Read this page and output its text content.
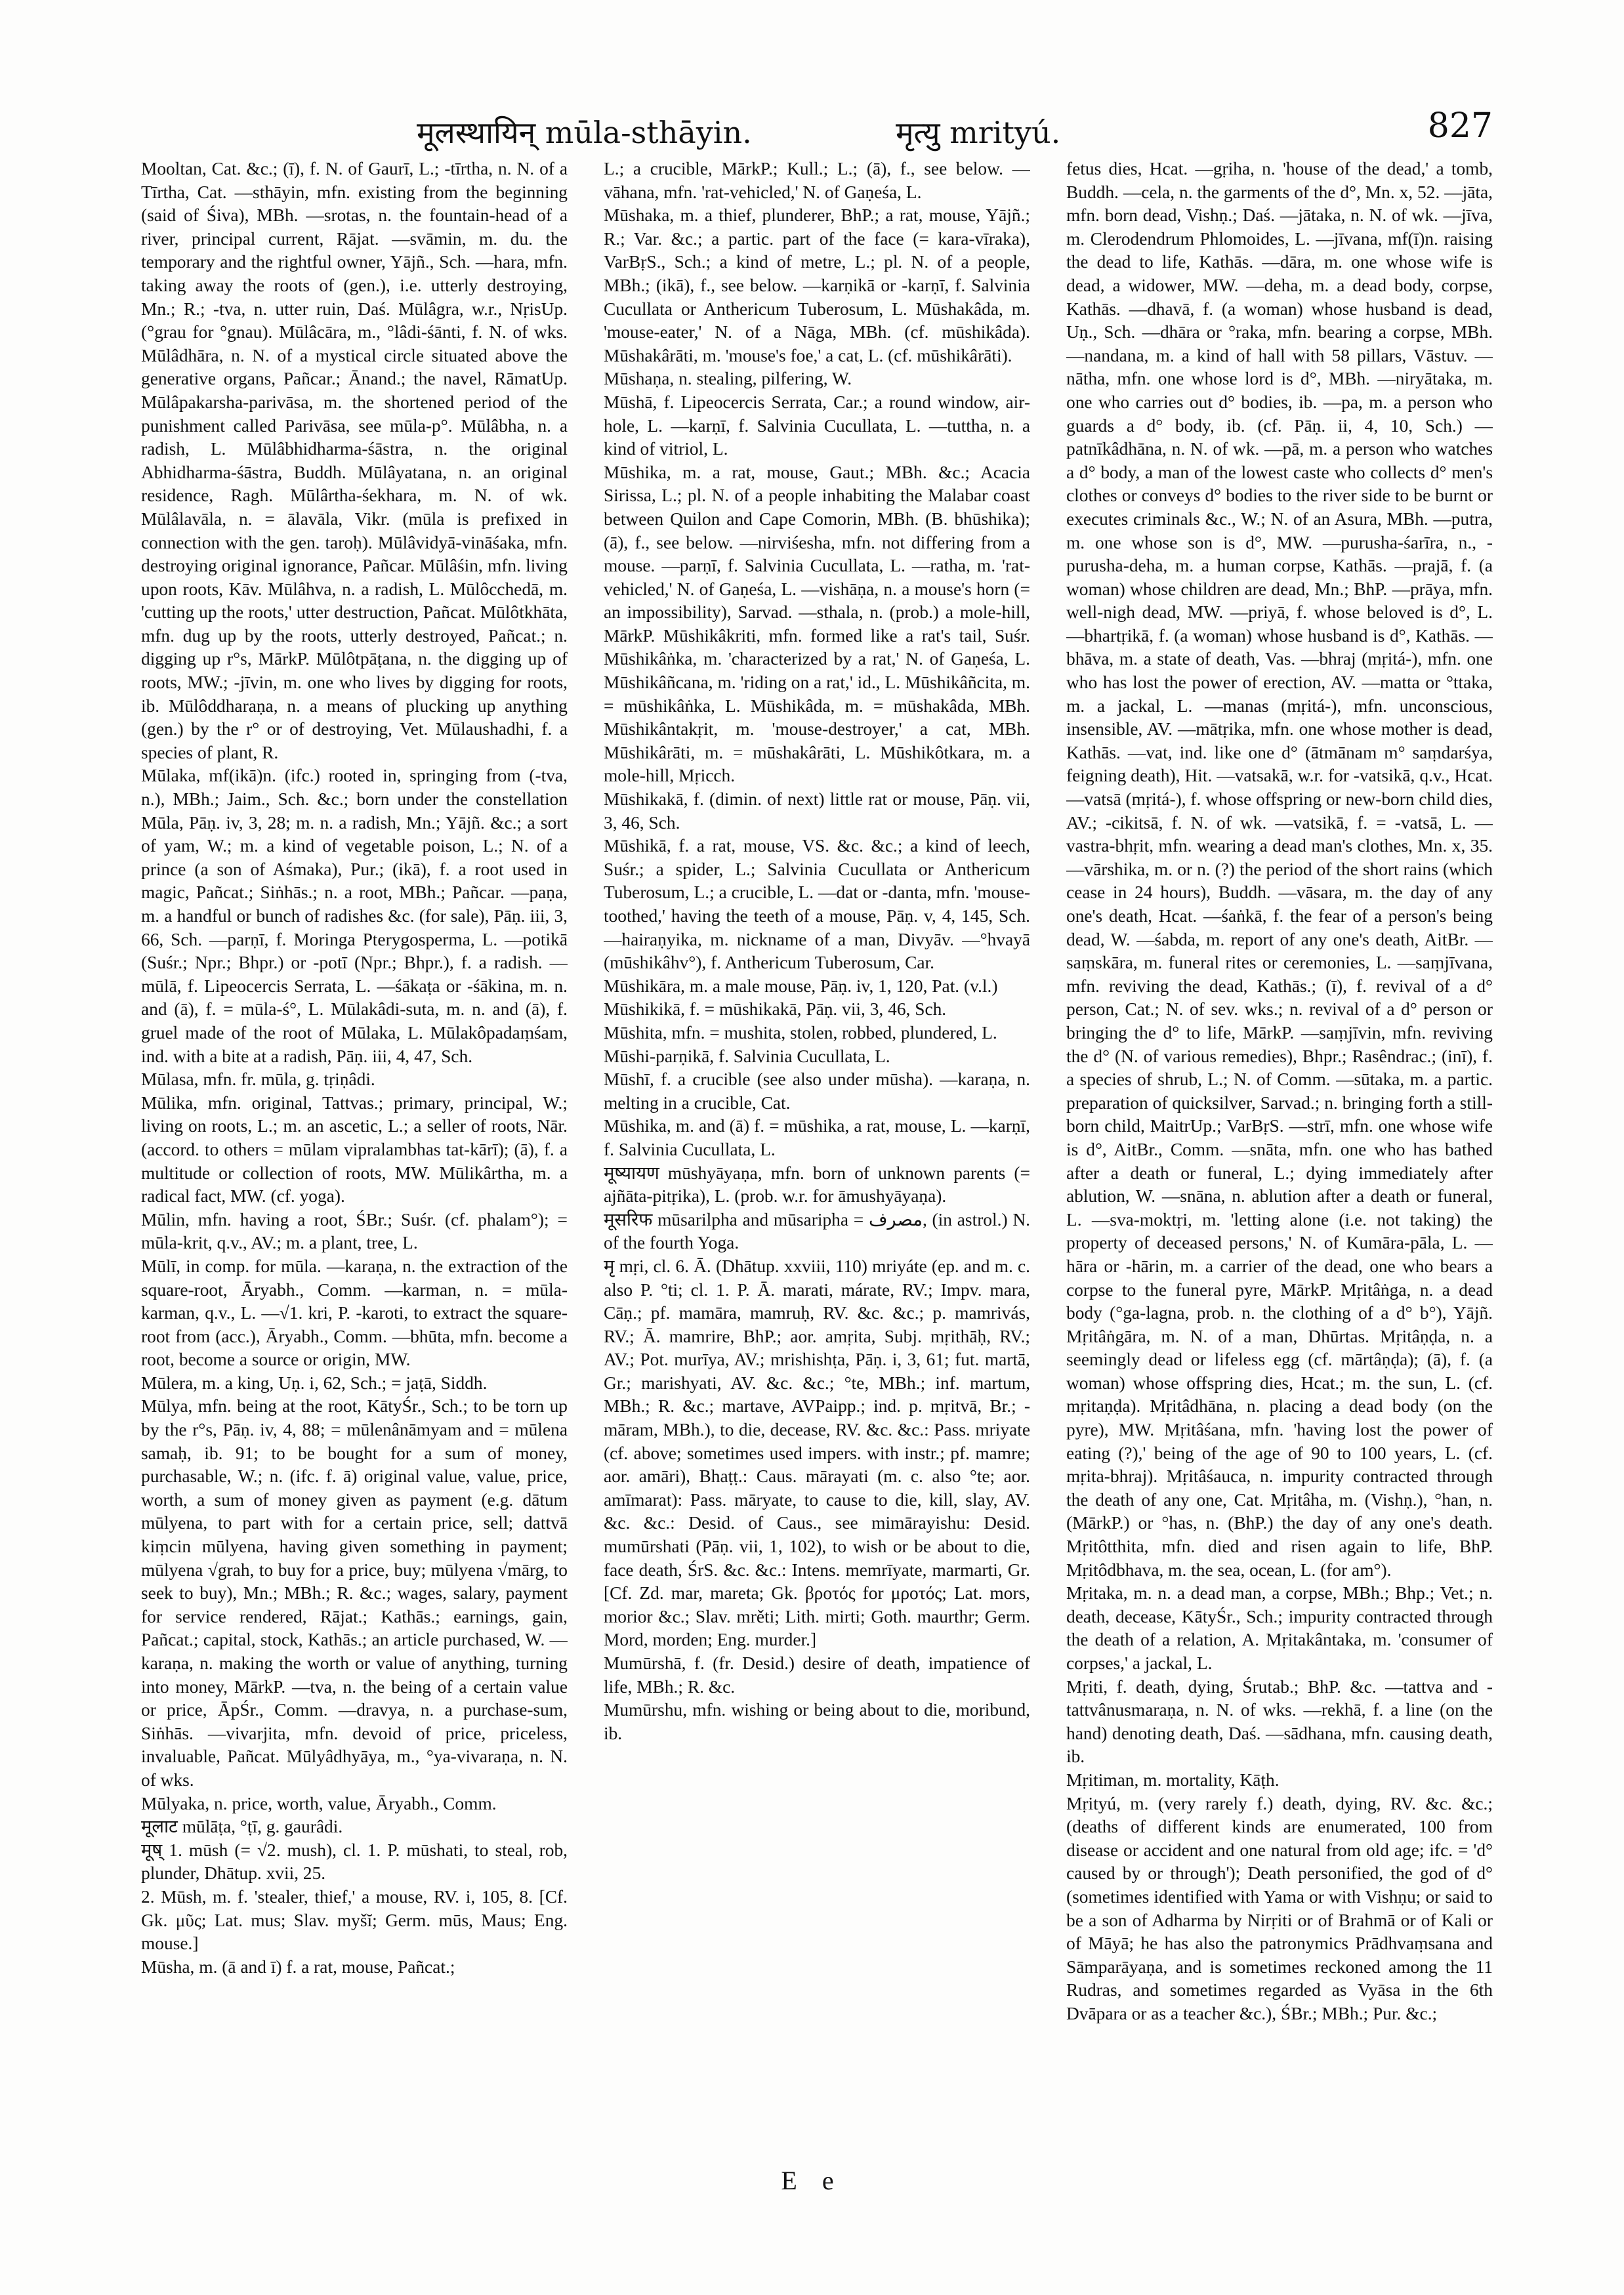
मूलस्थायिन् mūla-sthāyin.	मृत्यु mrityú.	827

Mooltan, Cat. &c.; (ī), f. N. of Gaurī, L.; -tīrtha, n. N. of a Tīrtha, Cat. —sthāyin, mfn. existing from the beginning (said of Śiva), MBh. —srotas, n. the fountain-head of a river, principal current, Rājat. —svāmin, m. du. the temporary and the rightful owner, Yājñ., Sch. —hara, mfn. taking away the roots of (gen.), i.e. utterly destroying, Mn.; R.; -tva, n. utter ruin, Daś. Mūlâgra, w.r., NṛisUp. (°grau for °gnau). Mūlâcāra, m., °lâdi-śānti, f. N. of wks. Mūlâdhāra, n. N. of a mystical circle situated above the generative organs, Pañcar.; Ānand.; the navel, RāmatUp. Mūlâpakarsha-parivāsa, m. the shortened period of the punishment called Parivāsa, see mūla-p°. Mūlâbha, n. a radish, L. Mūlâbhidharma-śāstra, n. the original Abhidharma-śāstra, Buddh. Mūlâyatana, n. an original residence, Ragh. Mūlârtha-śekhara, m. N. of wk. Mūlâlavāla, n. = ālavāla, Vikr. (mūla is prefixed in connection with the gen. taroḥ). Mūlâvidyā-vināśaka, mfn. destroying original ignorance, Pañcar. Mūlâśin, mfn. living upon roots, Kāv. Mūlâhva, n. a radish, L. Mūlôcchedā, m. 'cutting up the roots,' utter destruction, Pañcat. Mūlôtkhāta, mfn. dug up by the roots, utterly destroyed, Pañcat.; n. digging up r°s, MārkP. Mūlôtpāṭana, n. the digging up of roots, MW.; -jīvin, m. one who lives by digging for roots, ib. Mūlôddharaṇa, n. a means of plucking up anything (gen.) by the r° or of destroying, Vet. Mūlaushadhi, f. a species of plant, R.

Mūlaka, mf(ikā)n. (ifc.) rooted in, springing from (-tva, n.), MBh.; Jaim., Sch. &c.; born under the constellation Mūla, Pāṇ. iv, 3, 28; m. n. a radish, Mn.; Yājñ. &c.; a sort of yam, W.; m. a kind of vegetable poison, L.; N. of a prince (a son of Aśmaka), Pur.; (ikā), f. a root used in magic, Pañcat.; Siṅhās.; n. a root, MBh.; Pañcar. —paṇa, m. a handful or bunch of radishes &c. (for sale), Pāṇ. iii, 3, 66, Sch. —parṇī, f. Moringa Pterygosperma, L. —potikā (Suśr.; Npr.; Bhpr.) or -potī (Npr.; Bhpr.), f. a radish. —mūlā, f. Lipeocercis Serrata, L. —śākaṭa or -śākina, m. n. and (ā), f. = mūla-ś°, L. Mūlakâdi-suta, m. n. and (ā), f. gruel made of the root of Mūlaka, L. Mūlakôpadaṃśam, ind. with a bite at a radish, Pāṇ. iii, 4, 47, Sch.

Mūlasa, mfn. fr. mūla, g. tṛiṇâdi.

Mūlika, mfn. original, Tattvas.; primary, principal, W.; living on roots, L.; m. an ascetic, L.; a seller of roots, Nār. (accord. to others = mūlam vipralambhas tat-kārī); (ā), f. a multitude or collection of roots, MW. Mūlikârtha, m. a radical fact, MW. (cf. yoga).

Mūlin, mfn. having a root, ŚBr.; Suśr. (cf. phalam°); = mūla-krit, q.v., AV.; m. a plant, tree, L.

Mūlī, in comp. for mūla. —karaṇa, n. the extraction of the square-root, Āryabh., Comm. —karman, n. = mūla-karman, q.v., L. —√1. kri, P. -karoti, to extract the square-root from (acc.), Āryabh., Comm. —bhūta, mfn. become a root, become a source or origin, MW.

Mūlera, m. a king, Uṇ. i, 62, Sch.; = jaṭā, Siddh.

Mūlya, mfn. being at the root, KātyŚr., Sch.; to be torn up by the r°s, Pāṇ. iv, 4, 88; = mūlenânāmyam and = mūlena samaḥ, ib. 91; to be bought for a sum of money, purchasable, W.; n. (ifc. f. ā) original value, value, price, worth, a sum of money given as payment (e.g. dātum mūlyena, to part with for a certain price, sell; dattvā kiṃcin mūlyena, having given something in payment; mūlyena √grah, to buy for a price, buy; mūlyena √mārg, to seek to buy), Mn.; MBh.; R. &c.; wages, salary, payment for service rendered, Rājat.; Kathās.; earnings, gain, Pañcat.; capital, stock, Kathās.; an article purchased, W. —karaṇa, n. making the worth or value of anything, turning into money, MārkP. —tva, n. the being of a certain value or price, ĀpŚr., Comm. —dravya, n. a purchase-sum, Siṅhās. —vivarjita, mfn. devoid of price, priceless, invaluable, Pañcat. Mūlyâdhyāya, m., °ya-vivaraṇa, n. N. of wks.

Mūlyaka, n. price, worth, value, Āryabh., Comm.

मूलाट mūlāṭa, °ṭī, g. gaurâdi.

मूष् 1. mūsh (= √2. mush), cl. 1. P. mūshati, to steal, rob, plunder, Dhātup. xvii, 25.

2. Mūsh, m. f. 'stealer, thief,' a mouse, RV. i, 105, 8. [Cf. Gk. μῦς; Lat. mus; Slav. myšĭ; Germ. mūs, Maus; Eng. mouse.]

Mūsha, m. (ā and ī) f. a rat, mouse, Pañcat.;

L.; a crucible, MārkP.; Kull.; L.; (ā), f., see below. —vāhana, mfn. 'rat-vehicled,' N. of Gaṇeśa, L.

Mūshaka, m. a thief, plunderer, BhP.; a rat, mouse, Yājñ.; R.; Var. &c.; a partic. part of the face (= kara-vīraka), VarBṛS., Sch.; a kind of metre, L.; pl. N. of a people, MBh.; (ikā), f., see below. —karṇikā or -karṇī, f. Salvinia Cucullata or Anthericum Tuberosum, L. Mūshakâda, m. 'mouse-eater,' N. of a Nāga, MBh. (cf. mūshikâda). Mūshakârāti, m. 'mouse's foe,' a cat, L. (cf. mūshikârāti).

Mūshaṇa, n. stealing, pilfering, W.

Mūshā, f. Lipeocercis Serrata, Car.; a round window, air-hole, L. —karṇī, f. Salvinia Cucullata, L. —tuttha, n. a kind of vitriol, L.

Mūshika, m. a rat, mouse, Gaut.; MBh. &c.; Acacia Sirissa, L.; pl. N. of a people inhabiting the Malabar coast between Quilon and Cape Comorin, MBh. (B. bhūshika); (ā), f., see below. —nirviśesha, mfn. not differing from a mouse. —parṇī, f. Salvinia Cucullata, L. —ratha, m. 'rat-vehicled,' N. of Gaṇeśa, L. —vishāṇa, n. a mouse's horn (= an impossibility), Sarvad. —sthala, n. (prob.) a mole-hill, MārkP. Mūshikâkriti, mfn. formed like a rat's tail, Suśr. Mūshikâṅka, m. 'characterized by a rat,' N. of Gaṇeśa, L. Mūshikâñcana, m. 'riding on a rat,' id., L. Mūshikâñcita, m. = mūshikâṅka, L. Mūshikâda, m. = mūshakâda, MBh. Mūshikântakṛit, m. 'mouse-destroyer,' a cat, MBh. Mūshikârāti, m. = mūshakârāti, L. Mūshikôtkara, m. a mole-hill, Mṛicch.

Mūshikakā, f. (dimin. of next) little rat or mouse, Pāṇ. vii, 3, 46, Sch.

Mūshikā, f. a rat, mouse, VS. &c. &c.; a kind of leech, Suśr.; a spider, L.; Salvinia Cucullata or Anthericum Tuberosum, L.; a crucible, L. —dat or -danta, mfn. 'mouse-toothed,' having the teeth of a mouse, Pāṇ. v, 4, 145, Sch. —hairaṇyika, m. nickname of a man, Divyāv. —°hvayā (mūshikâhv°), f. Anthericum Tuberosum, Car.

Mūshikāra, m. a male mouse, Pāṇ. iv, 1, 120, Pat. (v.l.)

Mūshikikā, f. = mūshikakā, Pāṇ. vii, 3, 46, Sch.

Mūshita, mfn. = mushita, stolen, robbed, plundered, L.

Mūshi-parṇikā, f. Salvinia Cucullata, L.

Mūshī, f. a crucible (see also under mūsha). —karaṇa, n. melting in a crucible, Cat.

Mūshika, m. and (ā) f. = mūshika, a rat, mouse, L. —karṇī, f. Salvinia Cucullata, L.

मूष्यायण mūshyāyaṇa, mfn. born of unknown parents (= ajñāta-pitṛika), L. (prob. w.r. for āmushyāyaṇa).

मूसरिफ mūsarilpha and mūsaripha = مصرف, (in astrol.) N. of the fourth Yoga.

मृ mṛi, cl. 6. Ā. (Dhātup. xxviii, 110) mriyáte (ep. and m. c. also P. °ti; cl. 1. P. Ā. marati, márate, RV.; Impv. mara, Cāṇ.; pf. mamāra, mamruḥ, RV. &c. &c.; p. mamrivás, RV.; Ā. mamrire, BhP.; aor. amṛita, Subj. mṛithāḥ, RV.; AV.; Pot. murīya, AV.; mrishishṭa, Pāṇ. i, 3, 61; fut. martā, Gr.; marishyati, AV. &c. &c.; °te, MBh.; inf. martum, MBh.; R. &c.; martave, AVPaipp.; ind. p. mṛitvā, Br.; -māram, MBh.), to die, decease, RV. &c. &c.: Pass. mriyate (cf. above; sometimes used impers. with instr.; pf. mamre; aor. amāri), Bhaṭṭ.: Caus. mārayati (m. c. also °te; aor. amīmarat): Pass. māryate, to cause to die, kill, slay, AV. &c. &c.: Desid. of Caus., see mimārayishu: Desid. mumūrshati (Pāṇ. vii, 1, 102), to wish or be about to die, face death, ŚrS. &c. &c.: Intens. memrīyate, marmarti, Gr. [Cf. Zd. mar, mareta; Gk. βροτός for μροτός; Lat. mors, morior &c.; Slav. mrěti; Lith. mirti; Goth. maurthr; Germ. Mord, morden; Eng. murder.]

Mumūrshā, f. (fr. Desid.) desire of death, impatience of life, MBh.; R. &c.

Mumūrshu, mfn. wishing or being about to die, moribund, ib.

fetus dies, Hcat. —gṛiha, n. 'house of the dead,' a tomb, Buddh. —cela, n. the garments of the d°, Mn. x, 52. —jāta, mfn. born dead, Vishṇ.; Daś. —jātaka, n. N. of wk. —jīva, m. Clerodendrum Phlomoides, L. —jīvana, mf(ī)n. raising the dead to life, Kathās. —dāra, m. one whose wife is dead, a widower, MW. —deha, m. a dead body, corpse, Kathās. —dhavā, f. (a woman) whose husband is dead, Uṇ., Sch. —dhāra or °raka, mfn. bearing a corpse, MBh. —nandana, m. a kind of hall with 58 pillars, Vāstuv. —nātha, mfn. one whose lord is d°, MBh. —niryātaka, m. one who carries out d° bodies, ib. —pa, m. a person who guards a d° body, ib. (cf. Pāṇ. ii, 4, 10, Sch.) —patnīkâdhāna, n. N. of wk. —pā, m. a person who watches a d° body, a man of the lowest caste who collects d° men's clothes or conveys d° bodies to the river side to be burnt or executes criminals &c., W.; N. of an Asura, MBh. —putra, m. one whose son is d°, MW. —purusha-śarīra, n., -purusha-deha, m. a human corpse, Kathās. —prajā, f. (a woman) whose children are dead, Mn.; BhP. —prāya, mfn. well-nigh dead, MW. —priyā, f. whose beloved is d°, L. —bhartṛikā, f. (a woman) whose husband is d°, Kathās. —bhāva, m. a state of death, Vas. —bhraj (mṛitá-), mfn. one who has lost the power of erection, AV. —matta or °ttaka, m. a jackal, L. —manas (mṛitá-), mfn. unconscious, insensible, AV. —mātṛika, mfn. one whose mother is dead, Kathās. —vat, ind. like one d° (ātmānam m° saṃdarśya, feigning death), Hit. —vatsakā, w.r. for -vatsikā, q.v., Hcat. —vatsā (mṛitá-), f. whose offspring or new-born child dies, AV.; -cikitsā, f. N. of wk. —vatsikā, f. = -vatsā, L. —vastra-bhṛit, mfn. wearing a dead man's clothes, Mn. x, 35. —vārshika, m. or n. (?) the period of the short rains (which cease in 24 hours), Buddh. —vāsara, m. the day of any one's death, Hcat. —śaṅkā, f. the fear of a person's being dead, W. —śabda, m. report of any one's death, AitBr. —saṃskāra, m. funeral rites or ceremonies, L. —saṃjīvana, mfn. reviving the dead, Kathās.; (ī), f. revival of a d° person, Cat.; N. of sev. wks.; n. revival of a d° person or bringing the d° to life, MārkP. —saṃjīvin, mfn. reviving the d° (N. of various remedies), Bhpr.; Rasêndrac.; (inī), f. a species of shrub, L.; N. of Comm. —sūtaka, m. a partic. preparation of quicksilver, Sarvad.; n. bringing forth a still-born child, MaitrUp.; VarBṛS. —strī, mfn. one whose wife is d°, AitBr., Comm. —snāta, mfn. one who has bathed after a death or funeral, L.; dying immediately after ablution, W. —snāna, n. ablution after a death or funeral, L. —sva-moktṛi, m. 'letting alone (i.e. not taking) the property of deceased persons,' N. of Kumāra-pāla, L. —hāra or -hārin, m. a carrier of the dead, one who bears a corpse to the funeral pyre, MārkP. Mṛitâṅga, n. a dead body (°ga-lagna, prob. n. the clothing of a d° b°), Yājñ. Mṛitâṅgāra, m. N. of a man, Dhūrtas. Mṛitâṇḍa, n. a seemingly dead or lifeless egg (cf. mārtâṇḍa); (ā), f. (a woman) whose offspring dies, Hcat.; m. the sun, L. (cf. mṛitaṇḍa). Mṛitâdhāna, n. placing a dead body (on the pyre), MW. Mṛitâśana, mfn. 'having lost the power of eating (?),' being of the age of 90 to 100 years, L. (cf. mṛita-bhraj). Mṛitâśauca, n. impurity contracted through the death of any one, Cat. Mṛitâha, m. (Vishṇ.), °han, n. (MārkP.) or °has, n. (BhP.) the day of any one's death. Mṛitôtthita, mfn. died and risen again to life, BhP. Mṛitôdbhava, m. the sea, ocean, L. (for am°).

Mṛitaka, m. n. a dead man, a corpse, MBh.; Bhp.; Vet.; n. death, decease, KātyŚr., Sch.; impurity contracted through the death of a relation, A. Mṛitakântaka, m. 'consumer of corpses,' a jackal, L.

Mṛiti, f. death, dying, Śrutab.; BhP. &c. —tattva and -tattvânusmaraṇa, n. N. of wks. —rekhā, f. a line (on the hand) denoting death, Daś. —sādhana, mfn. causing death, ib.

Mṛitiman, m. mortality, Kāṭh.

Mṛityú, m. (very rarely f.) death, dying, RV. &c. &c.; (deaths of different kinds are enumerated, 100 from disease or accident and one natural from old age; ifc. = 'd° caused by or through'); Death personified, the god of d° (sometimes identified with Yama or with Vishṇu; or said to be a son of Adharma by Nirṛiti or of Brahmā or of Kali or of Māyā; he has also the patronymics Prādhvaṃsana and Sāmparāyaṇa, and is sometimes reckoned among the 11 Rudras, and sometimes regarded as Vyāsa in the 6th Dvāpara or as a teacher &c.), ŚBr.; MBh.; Pur. &c.;

E e
